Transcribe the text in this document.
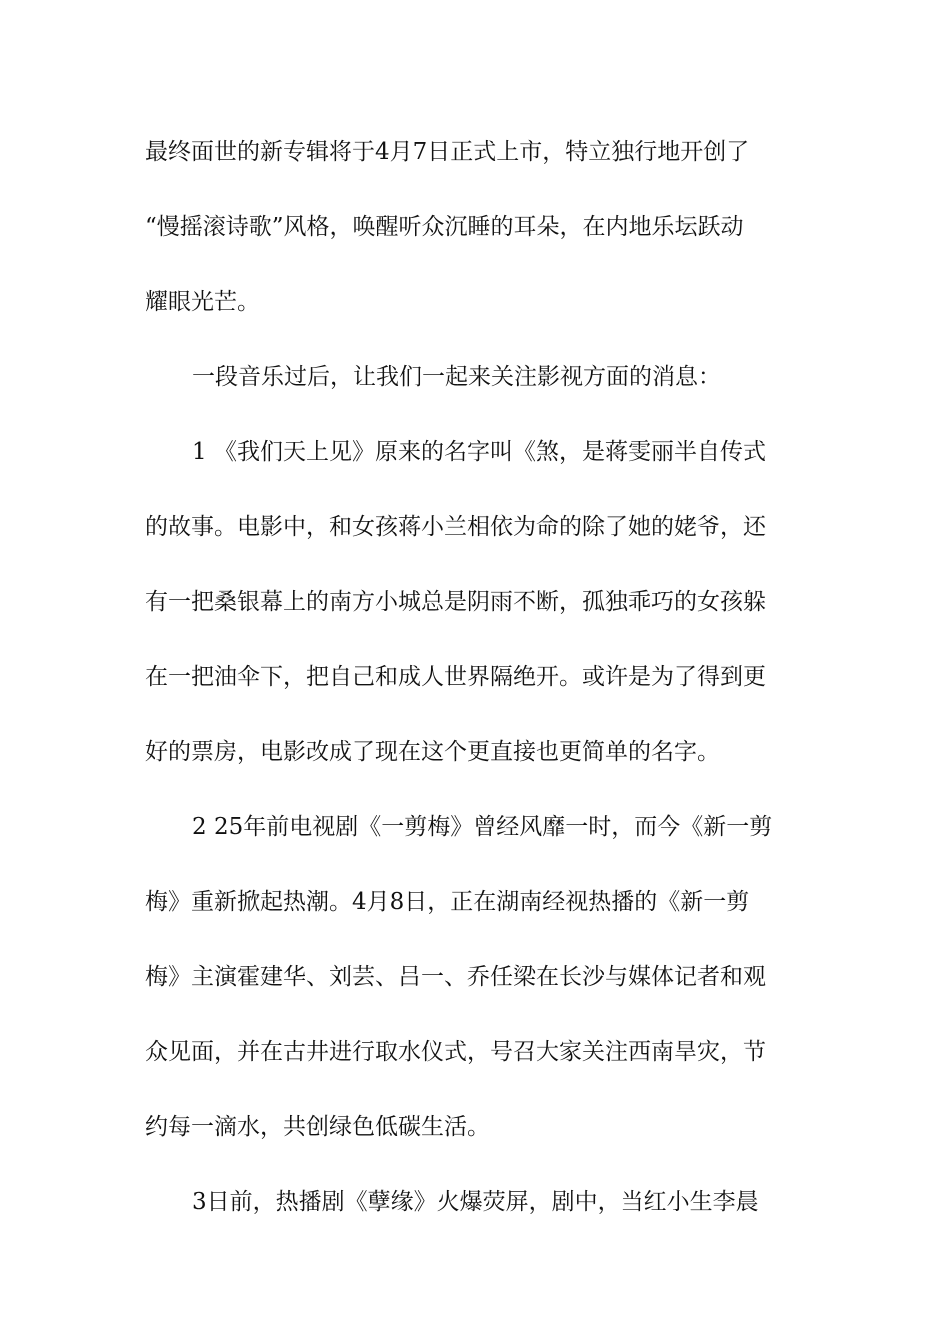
最终面世的新专辑将于4月7日正式上市，特立独行地开创了
“慢摇滚诗歌”风格，唤醒听众沉睡的耳朵，在内地乐坛跃动
耀眼光芒。
一段音乐过后，让我们一起来关注影视方面的消息：
1 《我们天上见》原来的名字叫《煞，是蒋雯丽半自传式
的故事。电影中，和女孩蒋小兰相依为命的除了她的姥爷，还
有一把桑银幕上的南方小城总是阴雨不断，孤独乖巧的女孩躲
在一把油伞下，把自己和成人世界隔绝开。或许是为了得到更
好的票房，电影改成了现在这个更直接也更简单的名字。
2 25年前电视剧《一剪梅》曾经风靡一时，而今《新一剪
梅》重新掀起热潮。4月8日，正在湖南经视热播的《新一剪
梅》主演霍建华、刘芸、吕一、乔任梁在长沙与媒体记者和观
众见面，并在古井进行取水仪式，号召大家关注西南旱灾，节
约每一滴水，共创绿色低碳生活。
3日前，热播剧《孽缘》火爆荧屏，剧中，当红小生李晨
